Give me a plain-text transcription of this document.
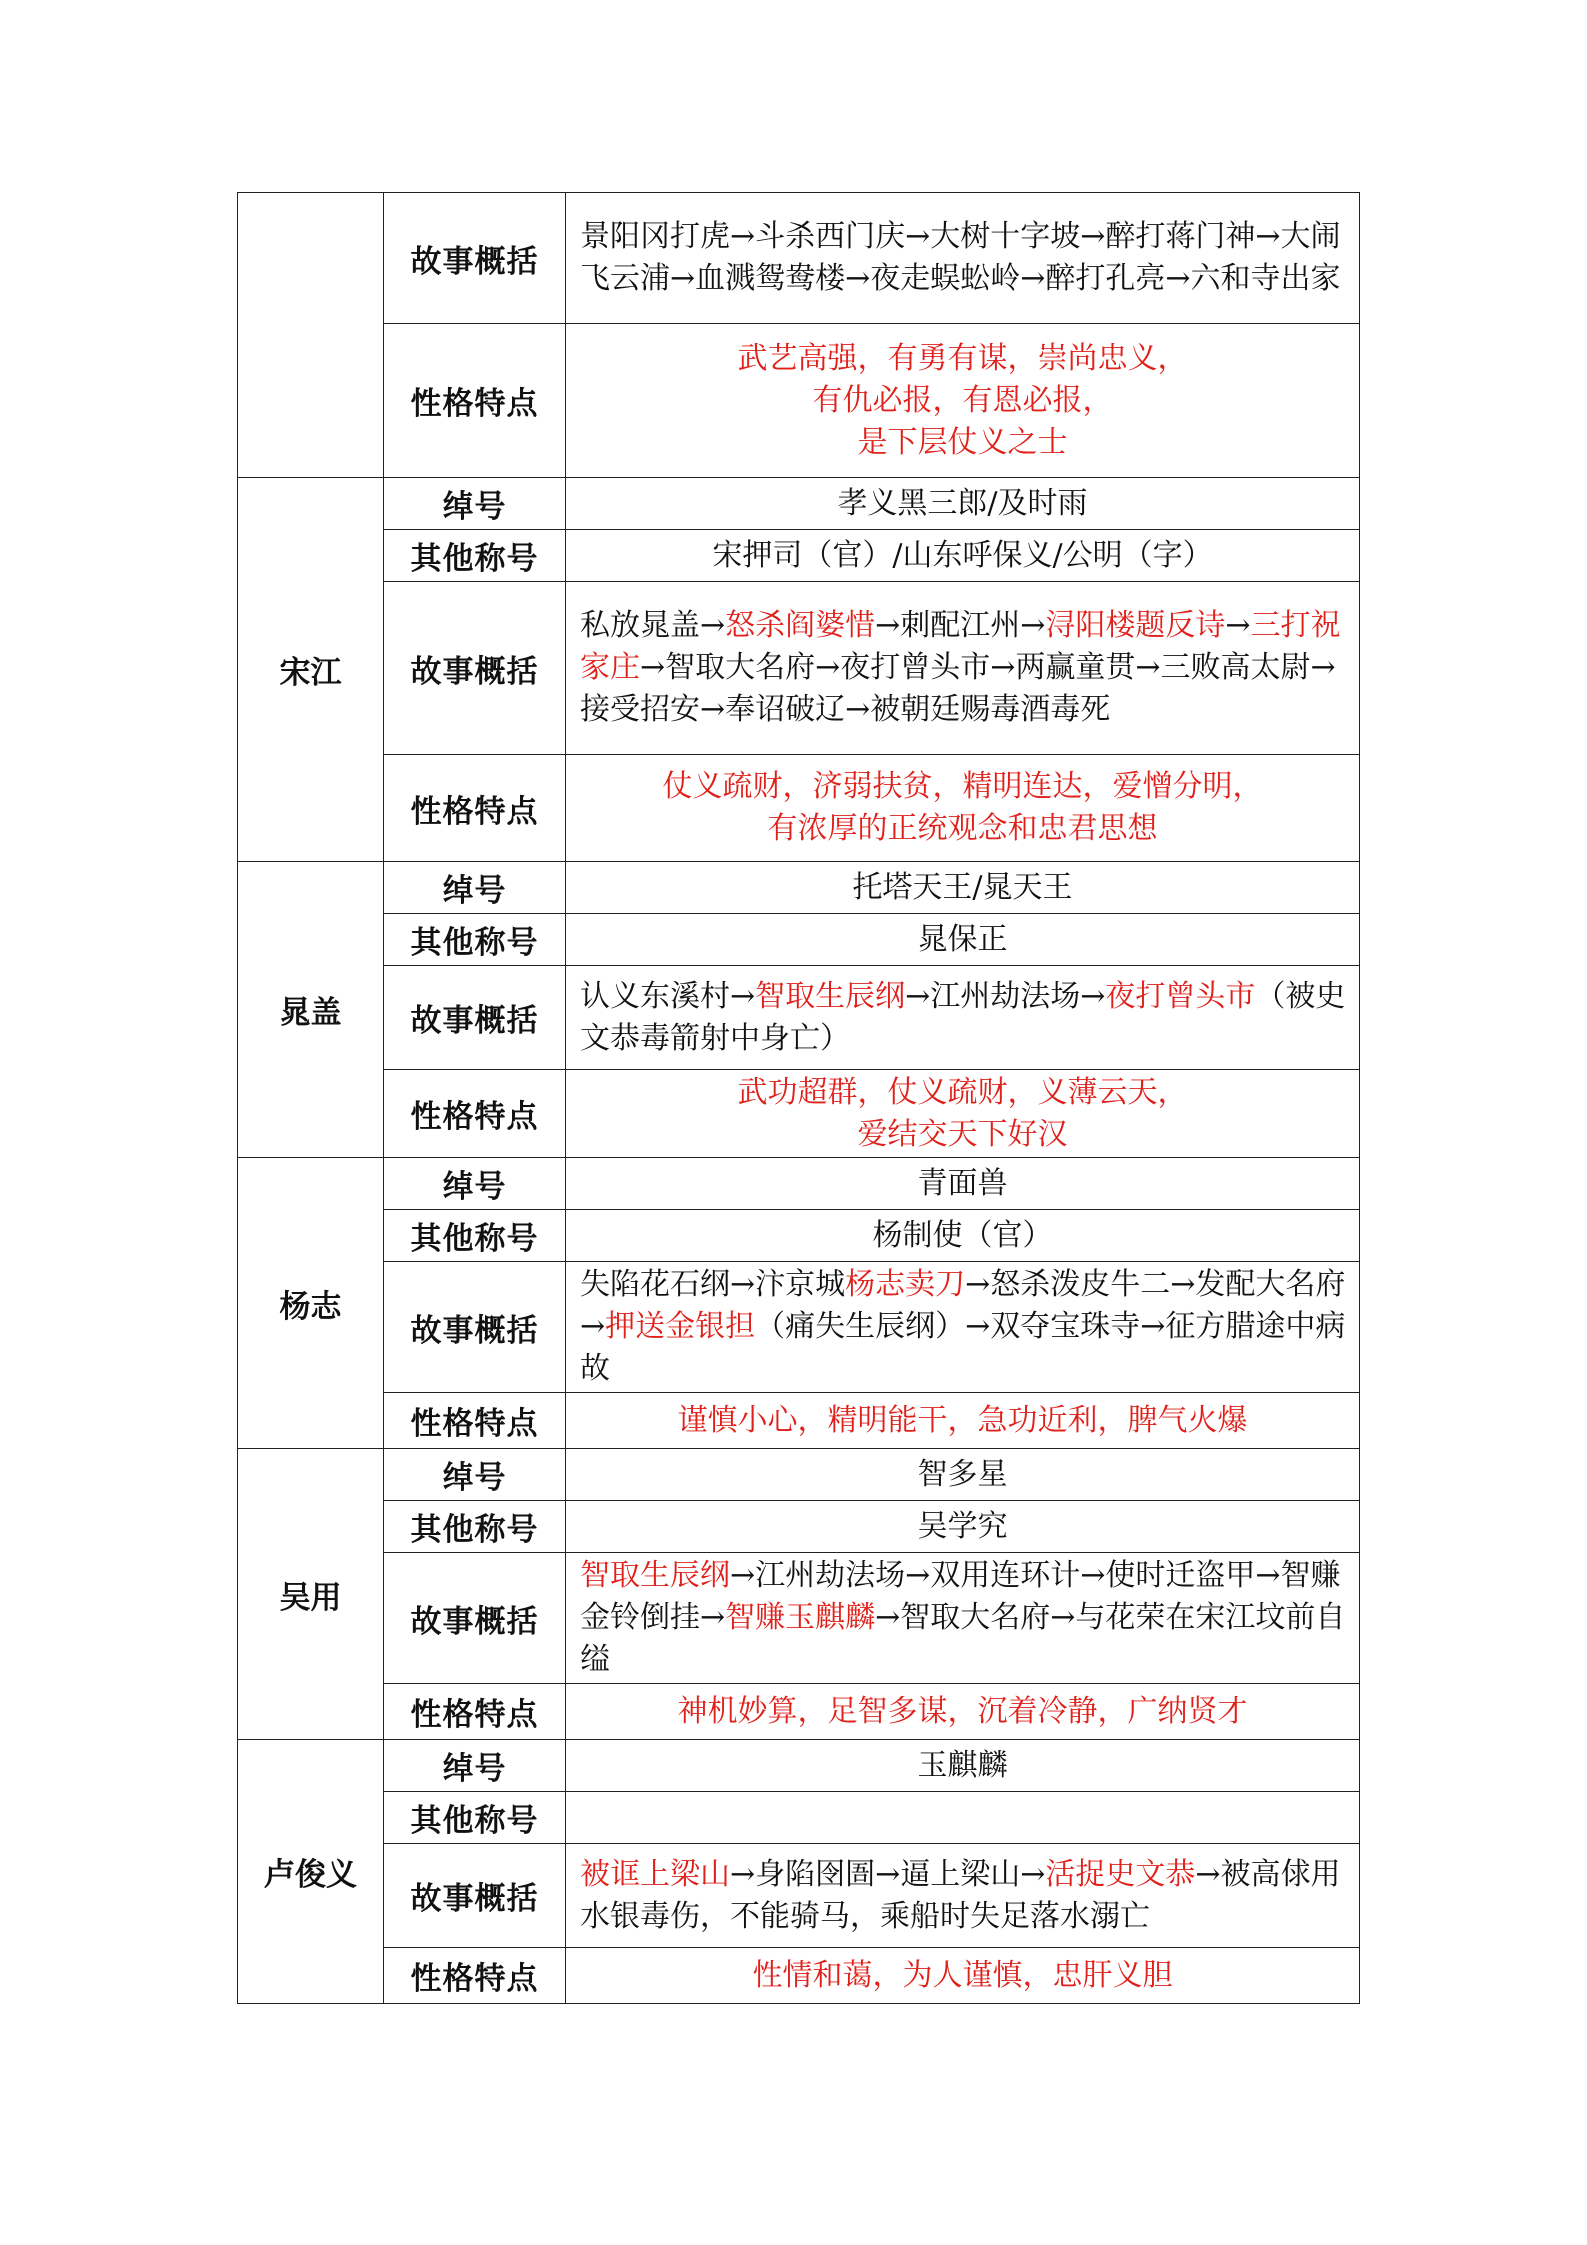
	故事概括	景阳冈打虎→斗杀西门庆→大树十字坡→醉打蒋门神→大闹飞云浦→血溅鸳鸯楼→夜走蜈蚣岭→醉打孔亮→六和寺出家
	性格特点	武艺高强，有勇有谋，崇尚忠义，
有仇必报，有恩必报，
是下层仗义之士

宋江	绰号	孝义黑三郎/及时雨
	其他称号	宋押司（官）/山东呼保义/公明（字）
	故事概括	私放晁盖→怒杀阎婆惜→刺配江州→浔阳楼题反诗→三打祝家庄→智取大名府→夜打曾头市→两赢童贯→三败高太尉→接受招安→奉诏破辽→被朝廷赐毒酒毒死
	性格特点	仗义疏财，济弱扶贫，精明连达，爱憎分明，
有浓厚的正统观念和忠君思想

晁盖	绰号	托塔天王/晁天王
	其他称号	晁保正
	故事概括	认义东溪村→智取生辰纲→江州劫法场→夜打曾头市（被史文恭毒箭射中身亡）
	性格特点	武功超群，仗义疏财，义薄云天，
爱结交天下好汉

杨志	绰号	青面兽
	其他称号	杨制使（官）
	故事概括	失陷花石纲→汴京城杨志卖刀→怒杀泼皮牛二→发配大名府→押送金银担（痛失生辰纲）→双夺宝珠寺→征方腊途中病故
	性格特点	谨慎小心，精明能干，急功近利，脾气火爆

吴用	绰号	智多星
	其他称号	吴学究
	故事概括	智取生辰纲→江州劫法场→双用连环计→使时迁盗甲→智赚金铃倒挂→智赚玉麒麟→智取大名府→与花荣在宋江坟前自缢
	性格特点	神机妙算，足智多谋，沉着冷静，广纳贤才

卢俊义	绰号	玉麒麟
	其他称号	
	故事概括	被诓上梁山→身陷囹圄→逼上梁山→活捉史文恭→被高俅用水银毒伤，不能骑马，乘船时失足落水溺亡
	性格特点	性情和蔼，为人谨慎，忠肝义胆
